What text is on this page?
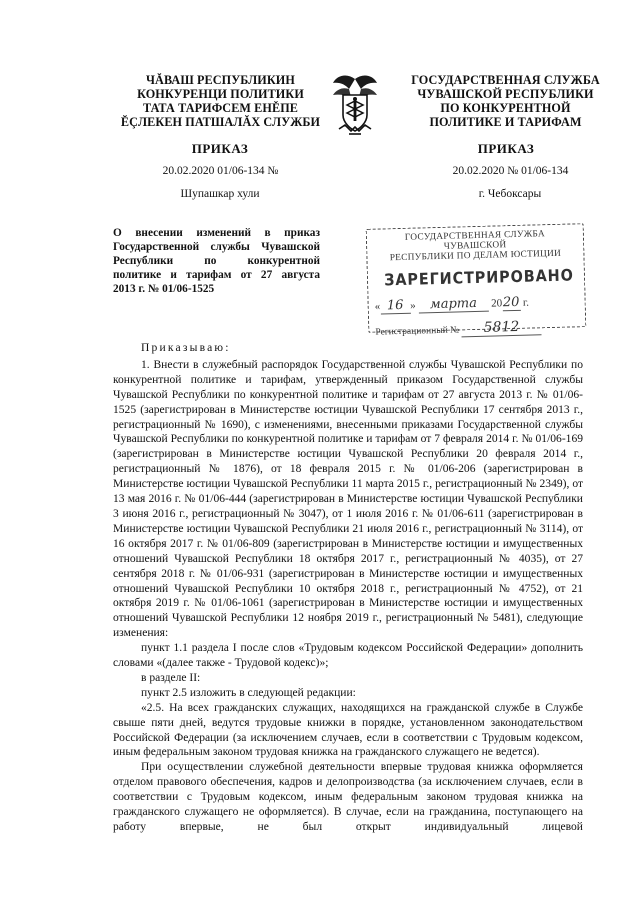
ЧĂВАШ РЕСПУБЛИКИН
КОНКУРЕНЦИ ПОЛИТИКИ
ТАТА ТАРИФСЕМ ЕНĚПЕ
ĔÇЛЕКЕН ПАТШАЛĂХ СЛУЖБИ
ГОСУДАРСТВЕННАЯ СЛУЖБА
ЧУВАШСКОЙ РЕСПУБЛИКИ
ПО КОНКУРЕНТНОЙ
ПОЛИТИКЕ И ТАРИФАМ
ПРИКАЗ	ПРИКАЗ
20.02.2020 01/06-134 №	20.02.2020 № 01/06-134
Шупашкар хули	г. Чебоксары
О внесении изменений в приказ
Государственной службы Чувашской
Республики по конкурентной
политике и тарифам от 27 августа
2013 г. № 01/06-1525
ГОСУДАРСТВЕННАЯ СЛУЖБА ЧУВАШСКОЙ
РЕСПУБЛИКИ ПО ДЕЛАМ ЮСТИЦИИ
ЗАРЕГИСТРИРОВАНО
« 16 » марта 2020 г.
Регистрационный № 5812

Приказываю:

1. Внести в служебный распорядок Государственной службы Чувашской Республики по конкурентной политике и тарифам, утвержденный приказом Государственной службы Чувашской Республики по конкурентной политике и тарифам от 27 августа 2013 г. № 01/06-1525 (зарегистрирован в Министерстве юстиции Чувашской Республики 17 сентября 2013 г., регистрационный № 1690), с изменениями, внесенными приказами Государственной службы Чувашской Республики по конкурентной политике и тарифам от 7 февраля 2014 г. № 01/06-169 (зарегистрирован в Министерстве юстиции Чувашской Республики 20 февраля 2014 г., регистрационный № 1876), от 18 февраля 2015 г. № 01/06-206 (зарегистрирован в Министерстве юстиции Чувашской Республики 11 марта 2015 г., регистрационный № 2349), от 13 мая 2016 г. № 01/06-444 (зарегистрирован в Министерстве юстиции Чувашской Республики 3 июня 2016 г., регистрационный № 3047), от 1 июля 2016 г. № 01/06-611 (зарегистрирован в Министерстве юстиции Чувашской Республики 21 июля 2016 г., регистрационный № 3114), от 16 октября 2017 г. № 01/06-809 (зарегистрирован в Министерстве юстиции и имущественных отношений Чувашской Республики 18 октября 2017 г., регистрационный № 4035), от 27 сентября 2018 г. № 01/06-931 (зарегистрирован в Министерстве юстиции и имущественных отношений Чувашской Республики 10 октября 2018 г., регистрационный № 4752), от 21 октября 2019 г. № 01/06-1061 (зарегистрирован в Министерстве юстиции и имущественных отношений Чувашской Республики 12 ноября 2019 г., регистрационный № 5481), следующие изменения:

пункт 1.1 раздела I после слов «Трудовым кодексом Российской Федерации» дополнить словами «(далее также - Трудовой кодекс)»;

в разделе II:

пункт 2.5 изложить в следующей редакции:

«2.5. На всех гражданских служащих, находящихся на гражданской службе в Службе свыше пяти дней, ведутся трудовые книжки в порядке, установленном законодательством Российской Федерации (за исключением случаев, если в соответствии с Трудовым кодексом, иным федеральным законом трудовая книжка на гражданского служащего не ведется).

При осуществлении служебной деятельности впервые трудовая книжка оформляется отделом правового обеспечения, кадров и делопроизводства (за исключением случаев, если в соответствии с Трудовым кодексом, иным федеральным законом трудовая книжка на гражданского служащего не оформляется). В случае, если на гражданина, поступающего на работу впервые, не был открыт индивидуальный лицевой
